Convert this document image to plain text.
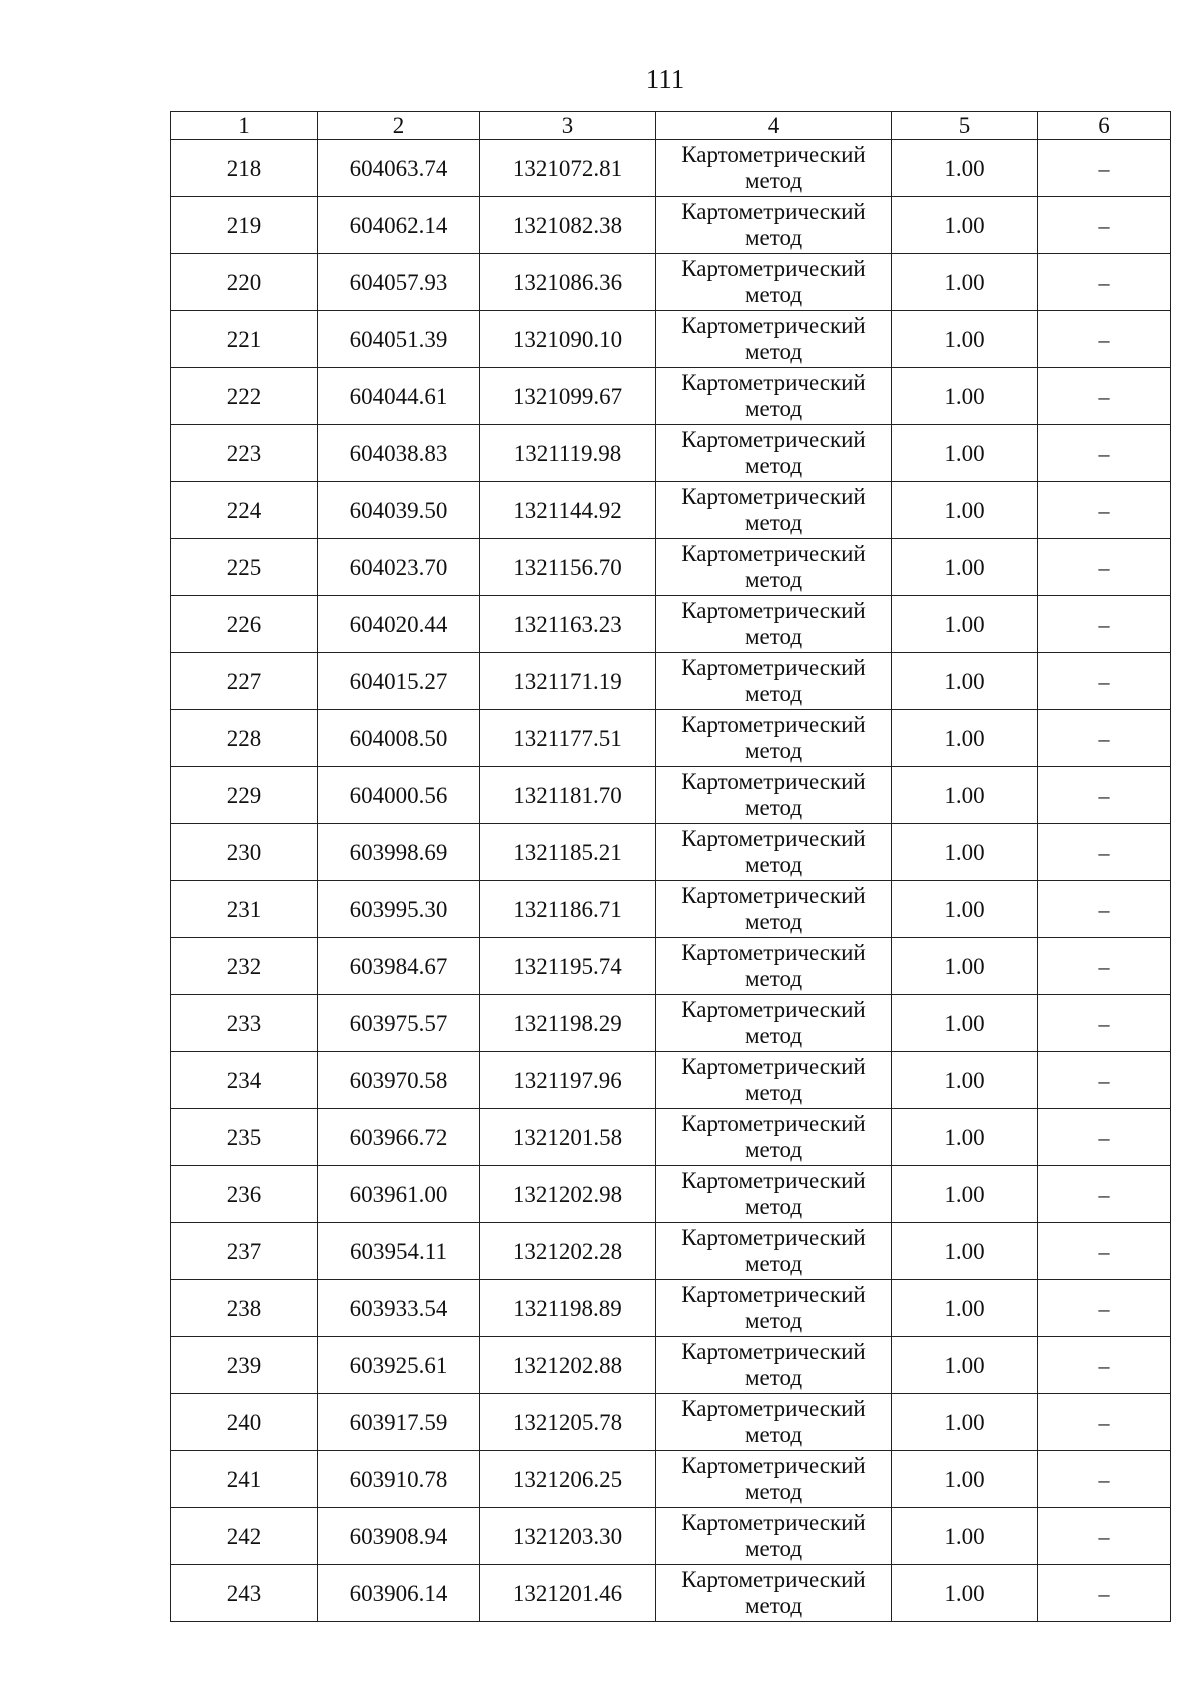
111
1	2	3	4	5	6
218	604063.74	1321072.81	Картометрический метод	1.00	–
219	604062.14	1321082.38	Картометрический метод	1.00	–
220	604057.93	1321086.36	Картометрический метод	1.00	–
221	604051.39	1321090.10	Картометрический метод	1.00	–
222	604044.61	1321099.67	Картометрический метод	1.00	–
223	604038.83	1321119.98	Картометрический метод	1.00	–
224	604039.50	1321144.92	Картометрический метод	1.00	–
225	604023.70	1321156.70	Картометрический метод	1.00	–
226	604020.44	1321163.23	Картометрический метод	1.00	–
227	604015.27	1321171.19	Картометрический метод	1.00	–
228	604008.50	1321177.51	Картометрический метод	1.00	–
229	604000.56	1321181.70	Картометрический метод	1.00	–
230	603998.69	1321185.21	Картометрический метод	1.00	–
231	603995.30	1321186.71	Картометрический метод	1.00	–
232	603984.67	1321195.74	Картометрический метод	1.00	–
233	603975.57	1321198.29	Картометрический метод	1.00	–
234	603970.58	1321197.96	Картометрический метод	1.00	–
235	603966.72	1321201.58	Картометрический метод	1.00	–
236	603961.00	1321202.98	Картометрический метод	1.00	–
237	603954.11	1321202.28	Картометрический метод	1.00	–
238	603933.54	1321198.89	Картометрический метод	1.00	–
239	603925.61	1321202.88	Картометрический метод	1.00	–
240	603917.59	1321205.78	Картометрический метод	1.00	–
241	603910.78	1321206.25	Картометрический метод	1.00	–
242	603908.94	1321203.30	Картометрический метод	1.00	–
243	603906.14	1321201.46	Картометрический метод	1.00	–
